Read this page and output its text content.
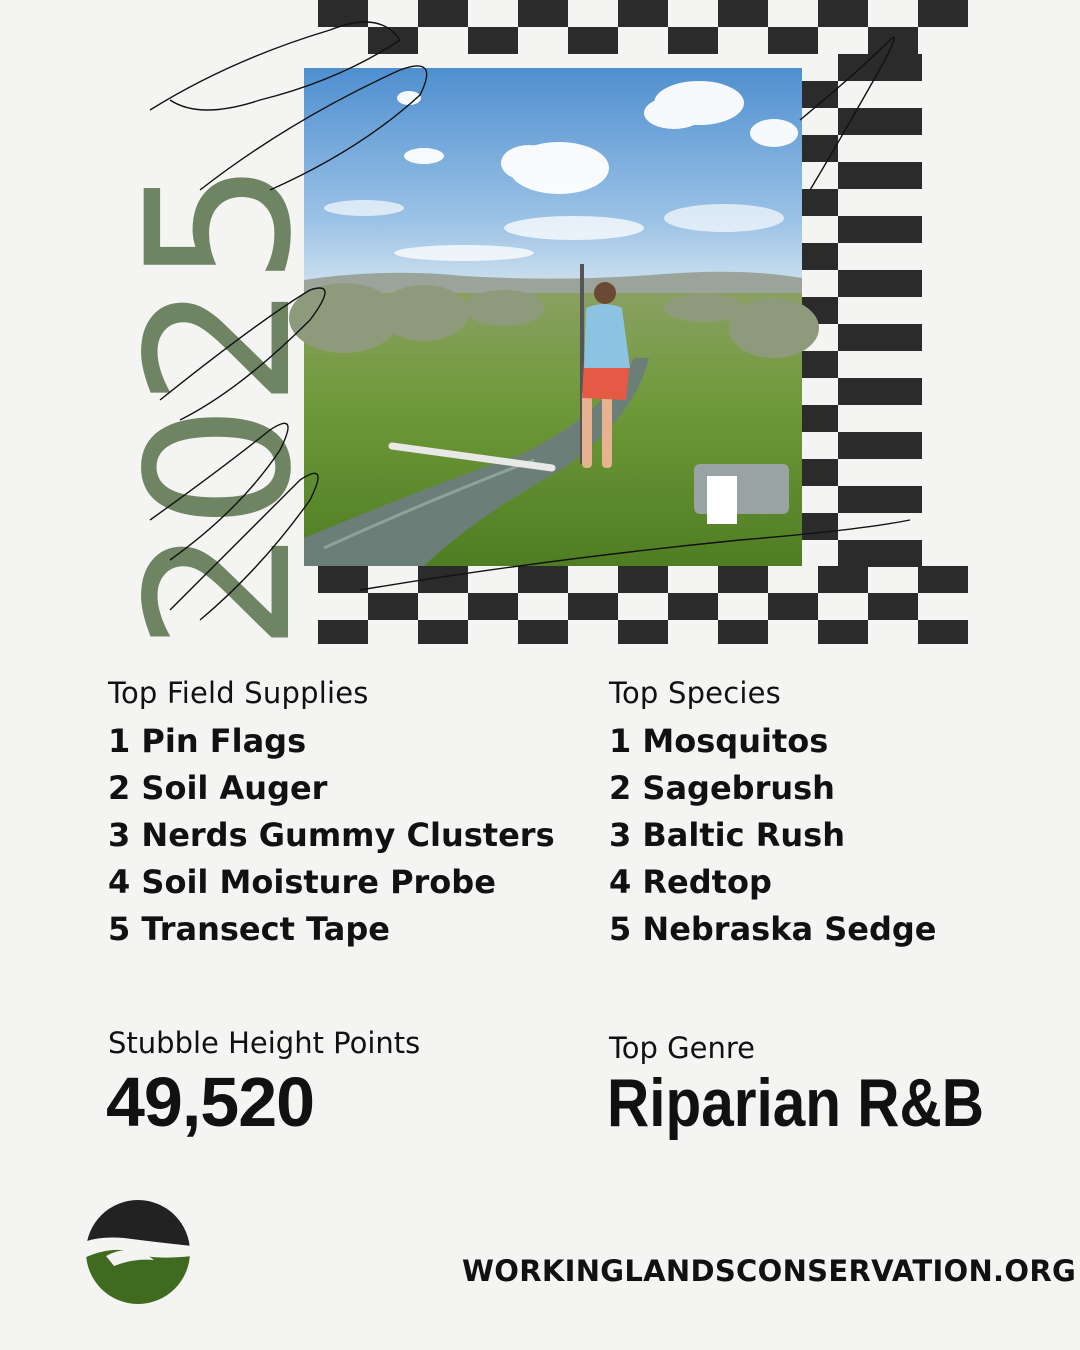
2025
Top Field Supplies
1 Pin Flags
2 Soil Auger
3 Nerds Gummy Clusters
4 Soil Moisture Probe
5 Transect Tape
Top Species
1 Mosquitos
2 Sagebrush
3 Baltic Rush
4 Redtop
5 Nebraska Sedge
Stubble Height Points
49,520
Top Genre
Riparian R&B
WORKINGLANDSCONSERVATION.ORG
